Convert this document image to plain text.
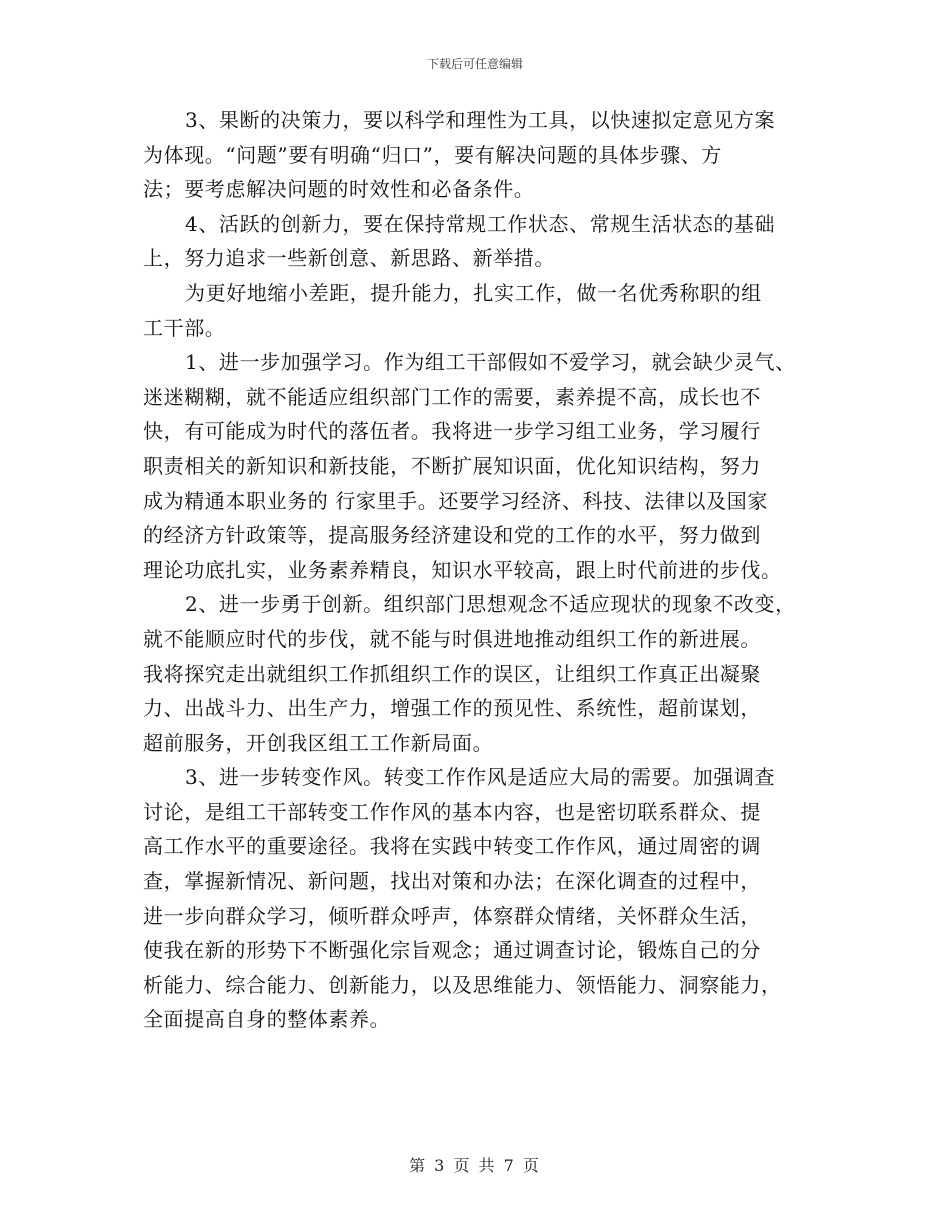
下载后可任意编辑
3、果断的决策力，要以科学和理性为工具，以快速拟定意见方案
为体现。“问题”要有明确“归口”，要有解决问题的具体步骤、方
法；要考虑解决问题的时效性和必备条件。
4、活跃的创新力，要在保持常规工作状态、常规生活状态的基础
上，努力追求一些新创意、新思路、新举措。
为更好地缩小差距，提升能力，扎实工作，做一名优秀称职的组
工干部。
1、进一步加强学习。作为组工干部假如不爱学习，就会缺少灵气、
迷迷糊糊，就不能适应组织部门工作的需要，素养提不高，成长也不
快，有可能成为时代的落伍者。我将进一步学习组工业务，学习履行
职责相关的新知识和新技能，不断扩展知识面，优化知识结构，努力
成为精通本职业务的 行家里手。还要学习经济、科技、法律以及国家
的经济方针政策等，提高服务经济建设和党的工作的水平，努力做到
理论功底扎实，业务素养精良，知识水平较高，跟上时代前进的步伐。
2、进一步勇于创新。组织部门思想观念不适应现状的现象不改变，
就不能顺应时代的步伐，就不能与时俱进地推动组织工作的新进展。
我将探究走出就组织工作抓组织工作的误区，让组织工作真正出凝聚
力、出战斗力、出生产力，增强工作的预见性、系统性，超前谋划，
超前服务，开创我区组工工作新局面。
3、进一步转变作风。转变工作作风是适应大局的需要。加强调查
讨论，是组工干部转变工作作风的基本内容，也是密切联系群众、提
高工作水平的重要途径。我将在实践中转变工作作风，通过周密的调
查，掌握新情况、新问题，找出对策和办法；在深化调查的过程中，
进一步向群众学习，倾听群众呼声，体察群众情绪，关怀群众生活，
使我在新的形势下不断强化宗旨观念；通过调查讨论，锻炼自己的分
析能力、综合能力、创新能力，以及思维能力、领悟能力、洞察能力，
全面提高自身的整体素养。
第 3 页 共 7 页
